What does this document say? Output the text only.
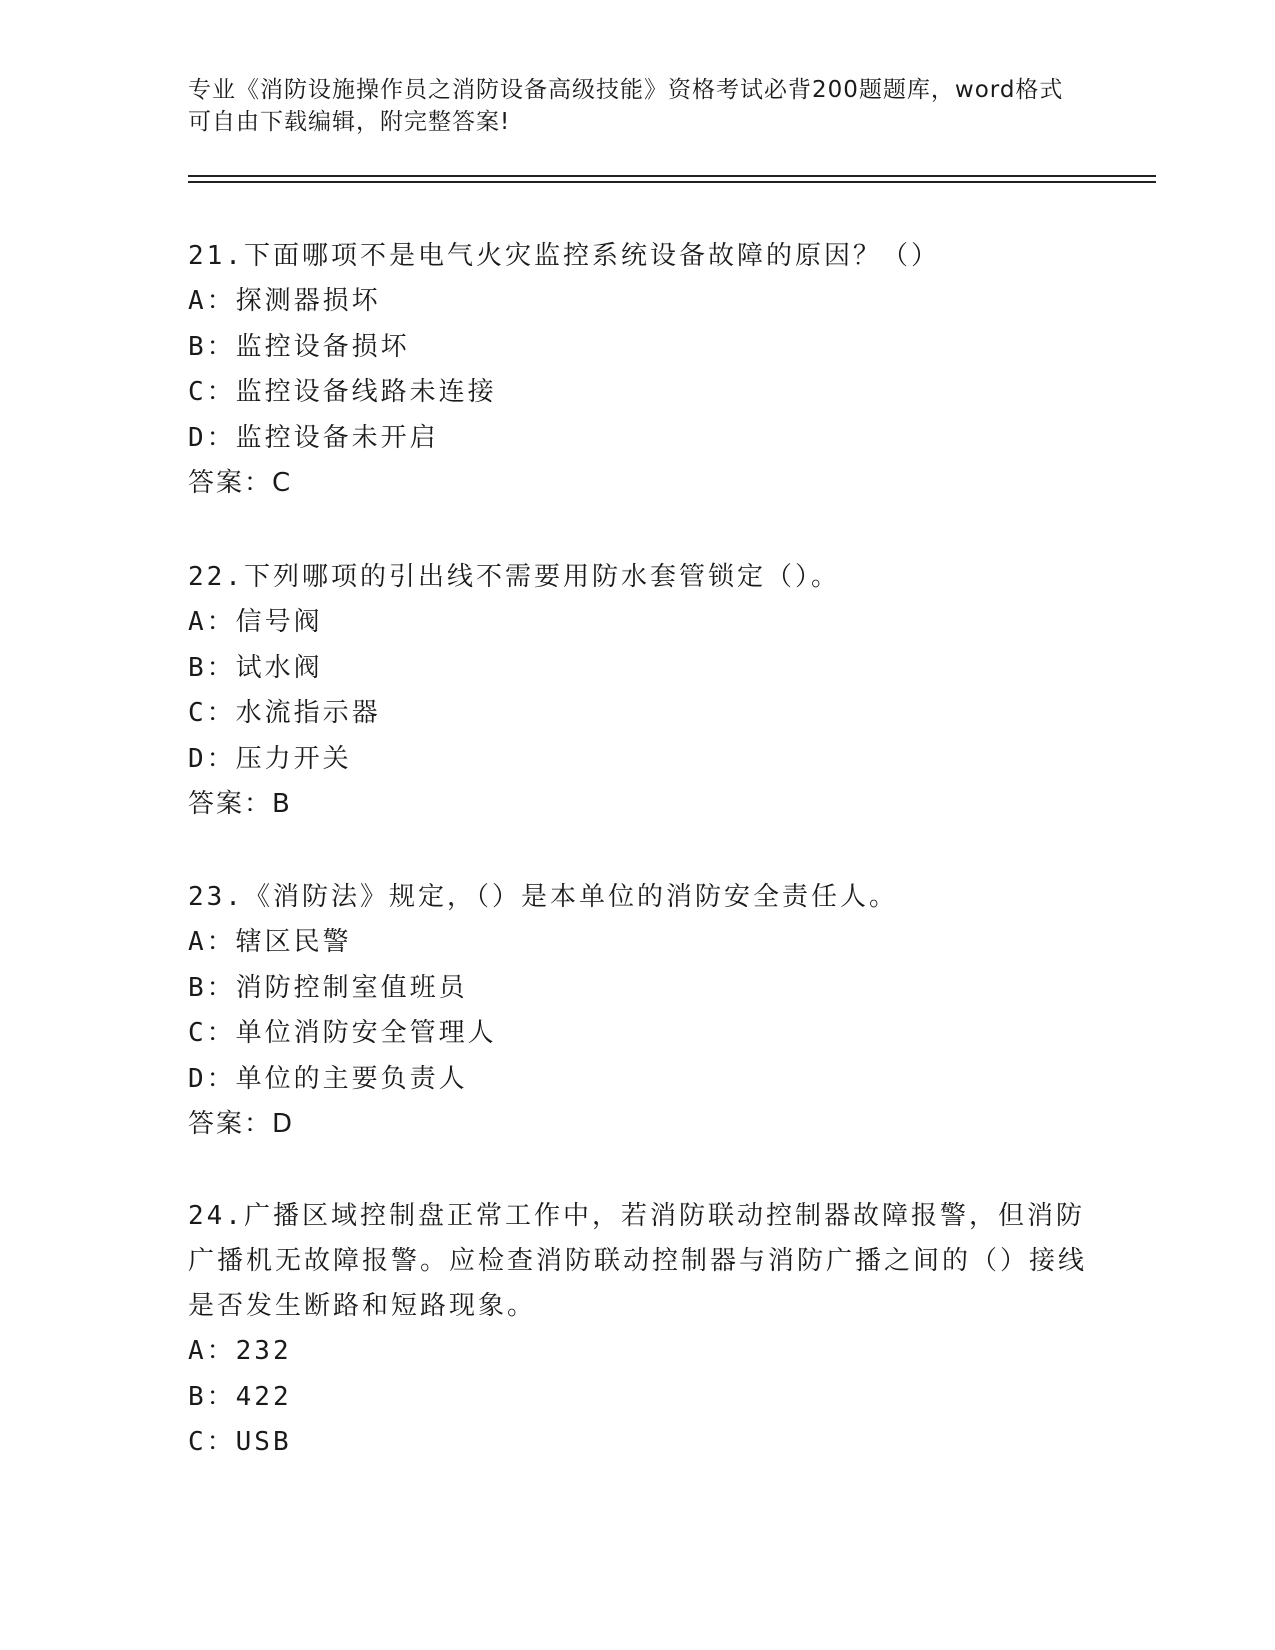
专业《消防设施操作员之消防设备高级技能》资格考试必背200题题库，word格式可自由下载编辑，附完整答案!

21.下面哪项不是电气火灾监控系统设备故障的原因？（）

A：探测器损坏

B：监控设备损坏

C：监控设备线路未连接

D：监控设备未开启

答案：C

22.下列哪项的引出线不需要用防水套管锁定（）。

A：信号阀

B：试水阀

C：水流指示器

D：压力开关

答案：B

23.《消防法》规定，（）是本单位的消防安全责任人。

A：辖区民警

B：消防控制室值班员

C：单位消防安全管理人

D：单位的主要负责人

答案：D

24.广播区域控制盘正常工作中，若消防联动控制器故障报警，但消防广播机无故障报警。应检查消防联动控制器与消防广播之间的（）接线是否发生断路和短路现象。

A：232

B：422

C：USB
